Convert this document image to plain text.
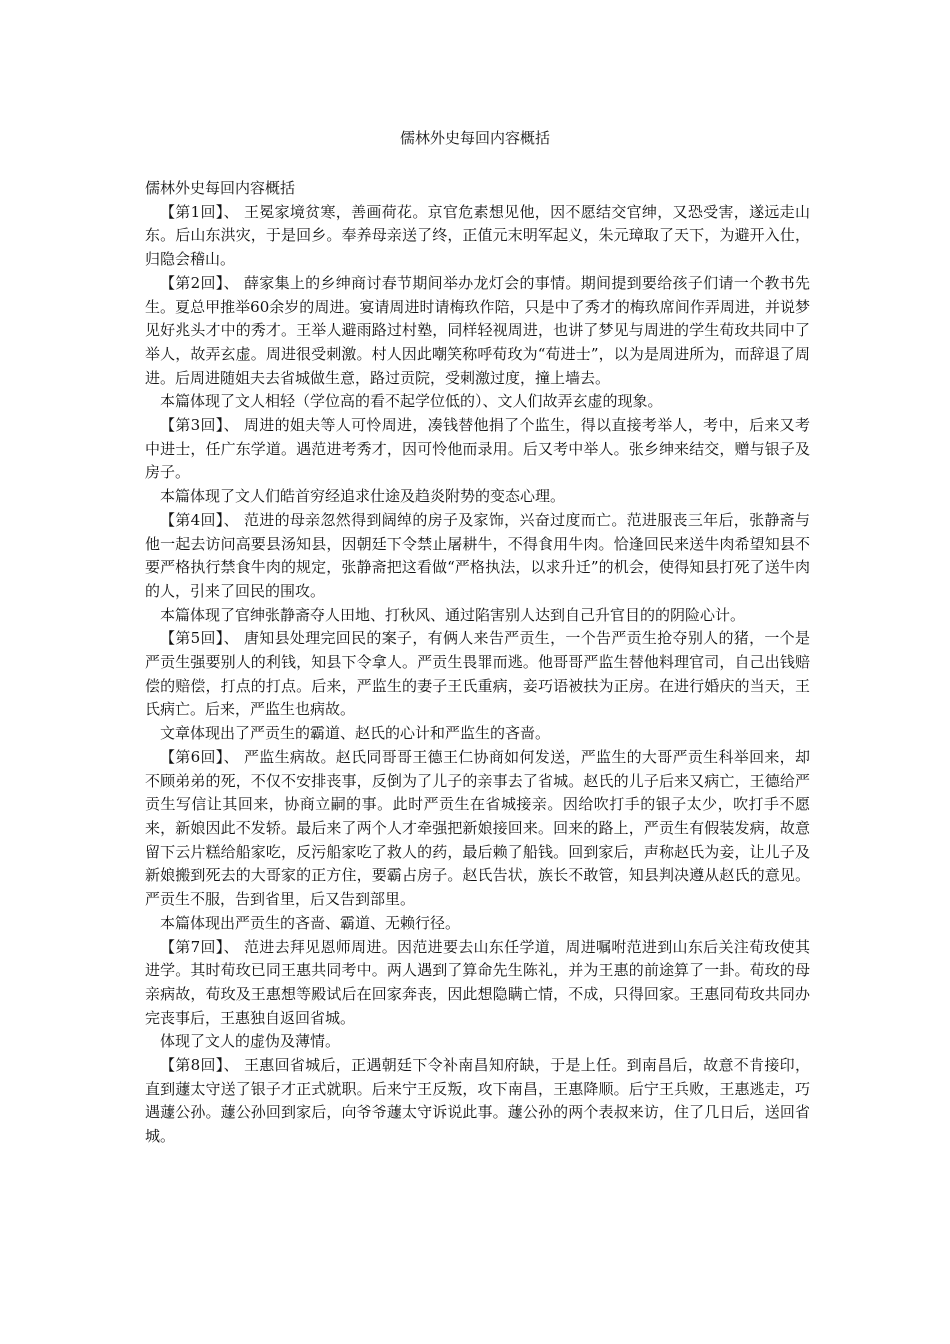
儒林外史每回内容概括

儒林外史每回内容概括

【第1回】、 王冕家境贫寒，善画荷花。京官危素想见他，因不愿结交官绅，又恐受害，遂远走山东。后山东洪灾，于是回乡。奉养母亲送了终，正值元末明军起义，朱元璋取了天下，为避开入仕，归隐会稽山。

【第2回】、 薛家集上的乡绅商讨春节期间举办龙灯会的事情。期间提到要给孩子们请一个教书先生。夏总甲推举60余岁的周进。宴请周进时请梅玖作陪，只是中了秀才的梅玖席间作弄周进，并说梦见好兆头才中的秀才。王举人避雨路过村塾，同样轻视周进，也讲了梦见与周进的学生荀玫共同中了举人，故弄玄虚。周进很受刺激。村人因此嘲笑称呼荀玫为“荀进士”，以为是周进所为，而辞退了周进。后周进随姐夫去省城做生意，路过贡院，受刺激过度，撞上墙去。

本篇体现了文人相轻（学位高的看不起学位低的）、文人们故弄玄虚的现象。

【第3回】、 周进的姐夫等人可怜周进，凑钱替他捐了个监生，得以直接考举人，考中，后来又考中进士，任广东学道。遇范进考秀才，因可怜他而录用。后又考中举人。张乡绅来结交，赠与银子及房子。

本篇体现了文人们皓首穷经追求仕途及趋炎附势的变态心理。

【第4回】、 范进的母亲忽然得到阔绰的房子及家饰，兴奋过度而亡。范进服丧三年后，张静斋与他一起去访问高要县汤知县，因朝廷下令禁止屠耕牛，不得食用牛肉。恰逢回民来送牛肉希望知县不要严格执行禁食牛肉的规定，张静斋把这看做“严格执法，以求升迁”的机会，使得知县打死了送牛肉的人，引来了回民的围攻。

本篇体现了官绅张静斋夺人田地、打秋风、通过陷害别人达到自己升官目的的阴险心计。

【第5回】、 唐知县处理完回民的案子，有俩人来告严贡生，一个告严贡生抢夺别人的猪，一个是严贡生强要别人的利钱，知县下令拿人。严贡生畏罪而逃。他哥哥严监生替他料理官司，自己出钱赔偿的赔偿，打点的打点。后来，严监生的妻子王氏重病，妾巧语被扶为正房。在进行婚庆的当天，王氏病亡。后来，严监生也病故。

文章体现出了严贡生的霸道、赵氏的心计和严监生的吝啬。

【第6回】、 严监生病故。赵氏同哥哥王德王仁协商如何发送，严监生的大哥严贡生科举回来，却不顾弟弟的死，不仅不安排丧事，反倒为了儿子的亲事去了省城。赵氏的儿子后来又病亡，王德给严贡生写信让其回来，协商立嗣的事。此时严贡生在省城接亲。因给吹打手的银子太少，吹打手不愿来，新娘因此不发轿。最后来了两个人才牵强把新娘接回来。回来的路上，严贡生有假装发病，故意留下云片糕给船家吃，反污船家吃了救人的药，最后赖了船钱。回到家后，声称赵氏为妾，让儿子及新娘搬到死去的大哥家的正方住，要霸占房子。赵氏告状，族长不敢管，知县判决遵从赵氏的意见。严贡生不服，告到省里，后又告到部里。

本篇体现出严贡生的吝啬、霸道、无赖行径。

【第7回】、 范进去拜见恩师周进。因范进要去山东任学道，周进嘱咐范进到山东后关注荀玫使其进学。其时荀玫已同王惠共同考中。两人遇到了算命先生陈礼，并为王惠的前途算了一卦。荀玫的母亲病故，荀玫及王惠想等殿试后在回家奔丧，因此想隐瞒亡情，不成，只得回家。王惠同荀玫共同办完丧事后，王惠独自返回省城。

体现了文人的虚伪及薄情。

【第8回】、 王惠回省城后，正遇朝廷下令补南昌知府缺，于是上任。到南昌后，故意不肯接印，直到蘧太守送了银子才正式就职。后来宁王反叛，攻下南昌，王惠降顺。后宁王兵败，王惠逃走，巧遇蘧公孙。蘧公孙回到家后，向爷爷蘧太守诉说此事。蘧公孙的两个表叔来访，住了几日后，送回省城。
